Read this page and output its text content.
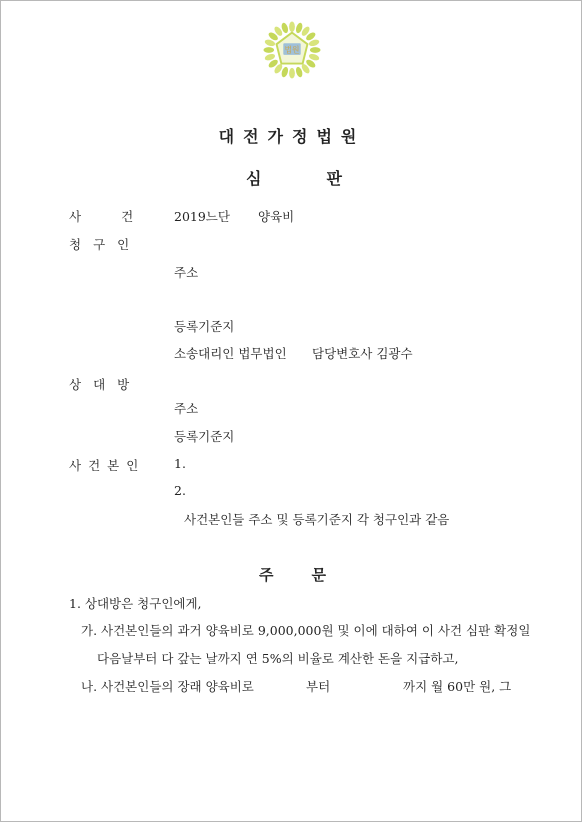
법원
대전가정법원
심	판
사	건	2019느단 양육비
청 구 인
주소
등록기준지
소송대리인 법무법인 담당변호사 김광수
상 대 방
주소
등록기준지
사 건 본 인	1.
2.
사건본인들 주소 및 등록기준지 각 청구인과 같음
주	문
1. 상대방은 청구인에게,
가. 사건본인들의 과거 양육비로 9,000,000원 및 이에 대하여 이 사건 심판 확정일
다음날부터 다 갚는 날까지 연 5%의 비율로 계산한 돈을 지급하고,
나. 사건본인들의 장래 양육비로	부터	까지 월 60만 원, 그
